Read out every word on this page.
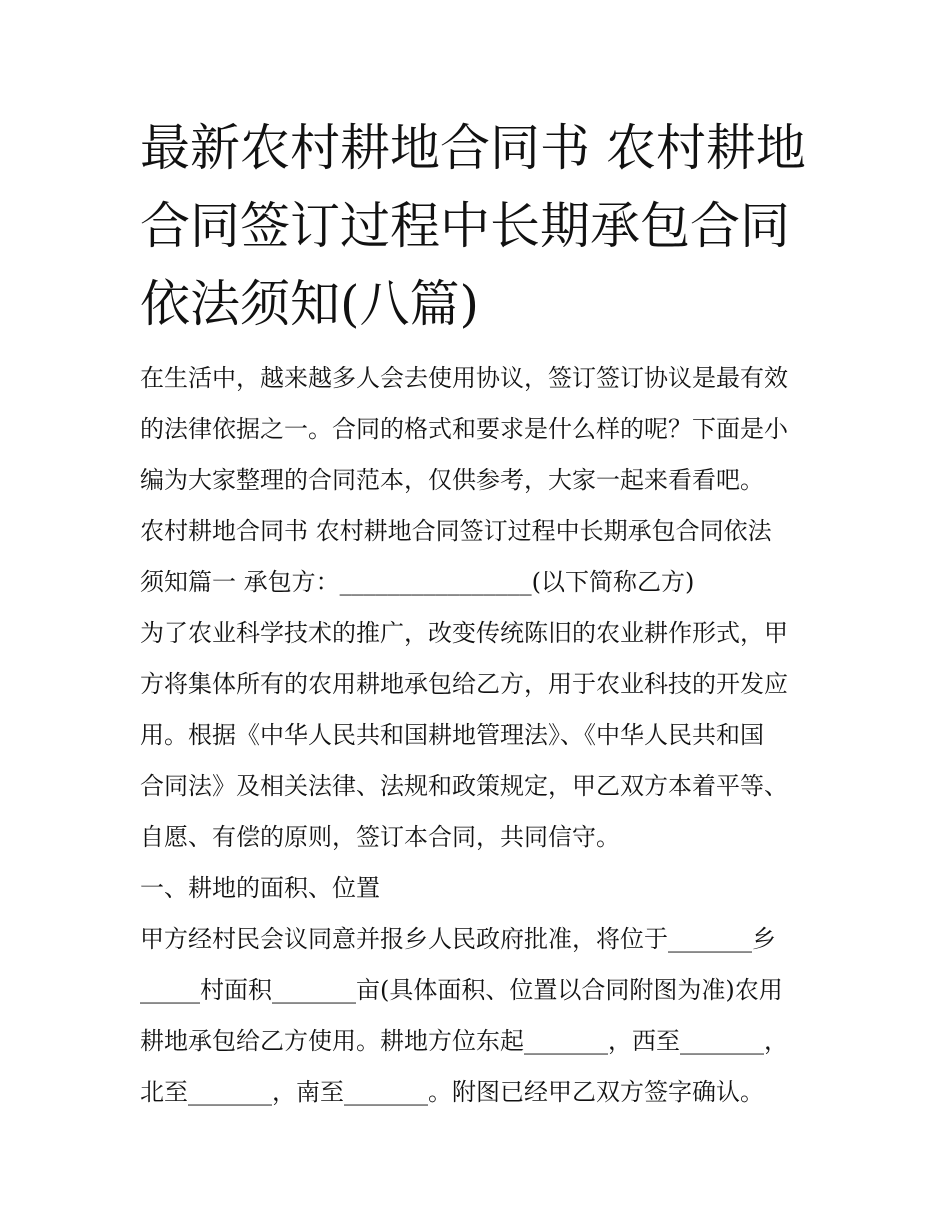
最新农村耕地合同书 农村耕地
合同签订过程中长期承包合同
依法须知(八篇)
在生活中，越来越多人会去使用协议，签订签订协议是最有效
的法律依据之一。合同的格式和要求是什么样的呢？下面是小
编为大家整理的合同范本，仅供参考，大家一起来看看吧。
农村耕地合同书 农村耕地合同签订过程中长期承包合同依法
须知篇一 承包方：________________(以下简称乙方)
为了农业科学技术的推广，改变传统陈旧的农业耕作形式，甲
方将集体所有的农用耕地承包给乙方，用于农业科技的开发应
用。根据《中华人民共和国耕地管理法》、《中华人民共和国
合同法》及相关法律、法规和政策规定，甲乙双方本着平等、
自愿、有偿的原则，签订本合同，共同信守。
一、耕地的面积、位置
甲方经村民会议同意并报乡人民政府批准，将位于_______乡
_____村面积_______亩(具体面积、位置以合同附图为准)农用
耕地承包给乙方使用。耕地方位东起_______，西至_______，
北至_______，南至_______。附图已经甲乙双方签字确认。
